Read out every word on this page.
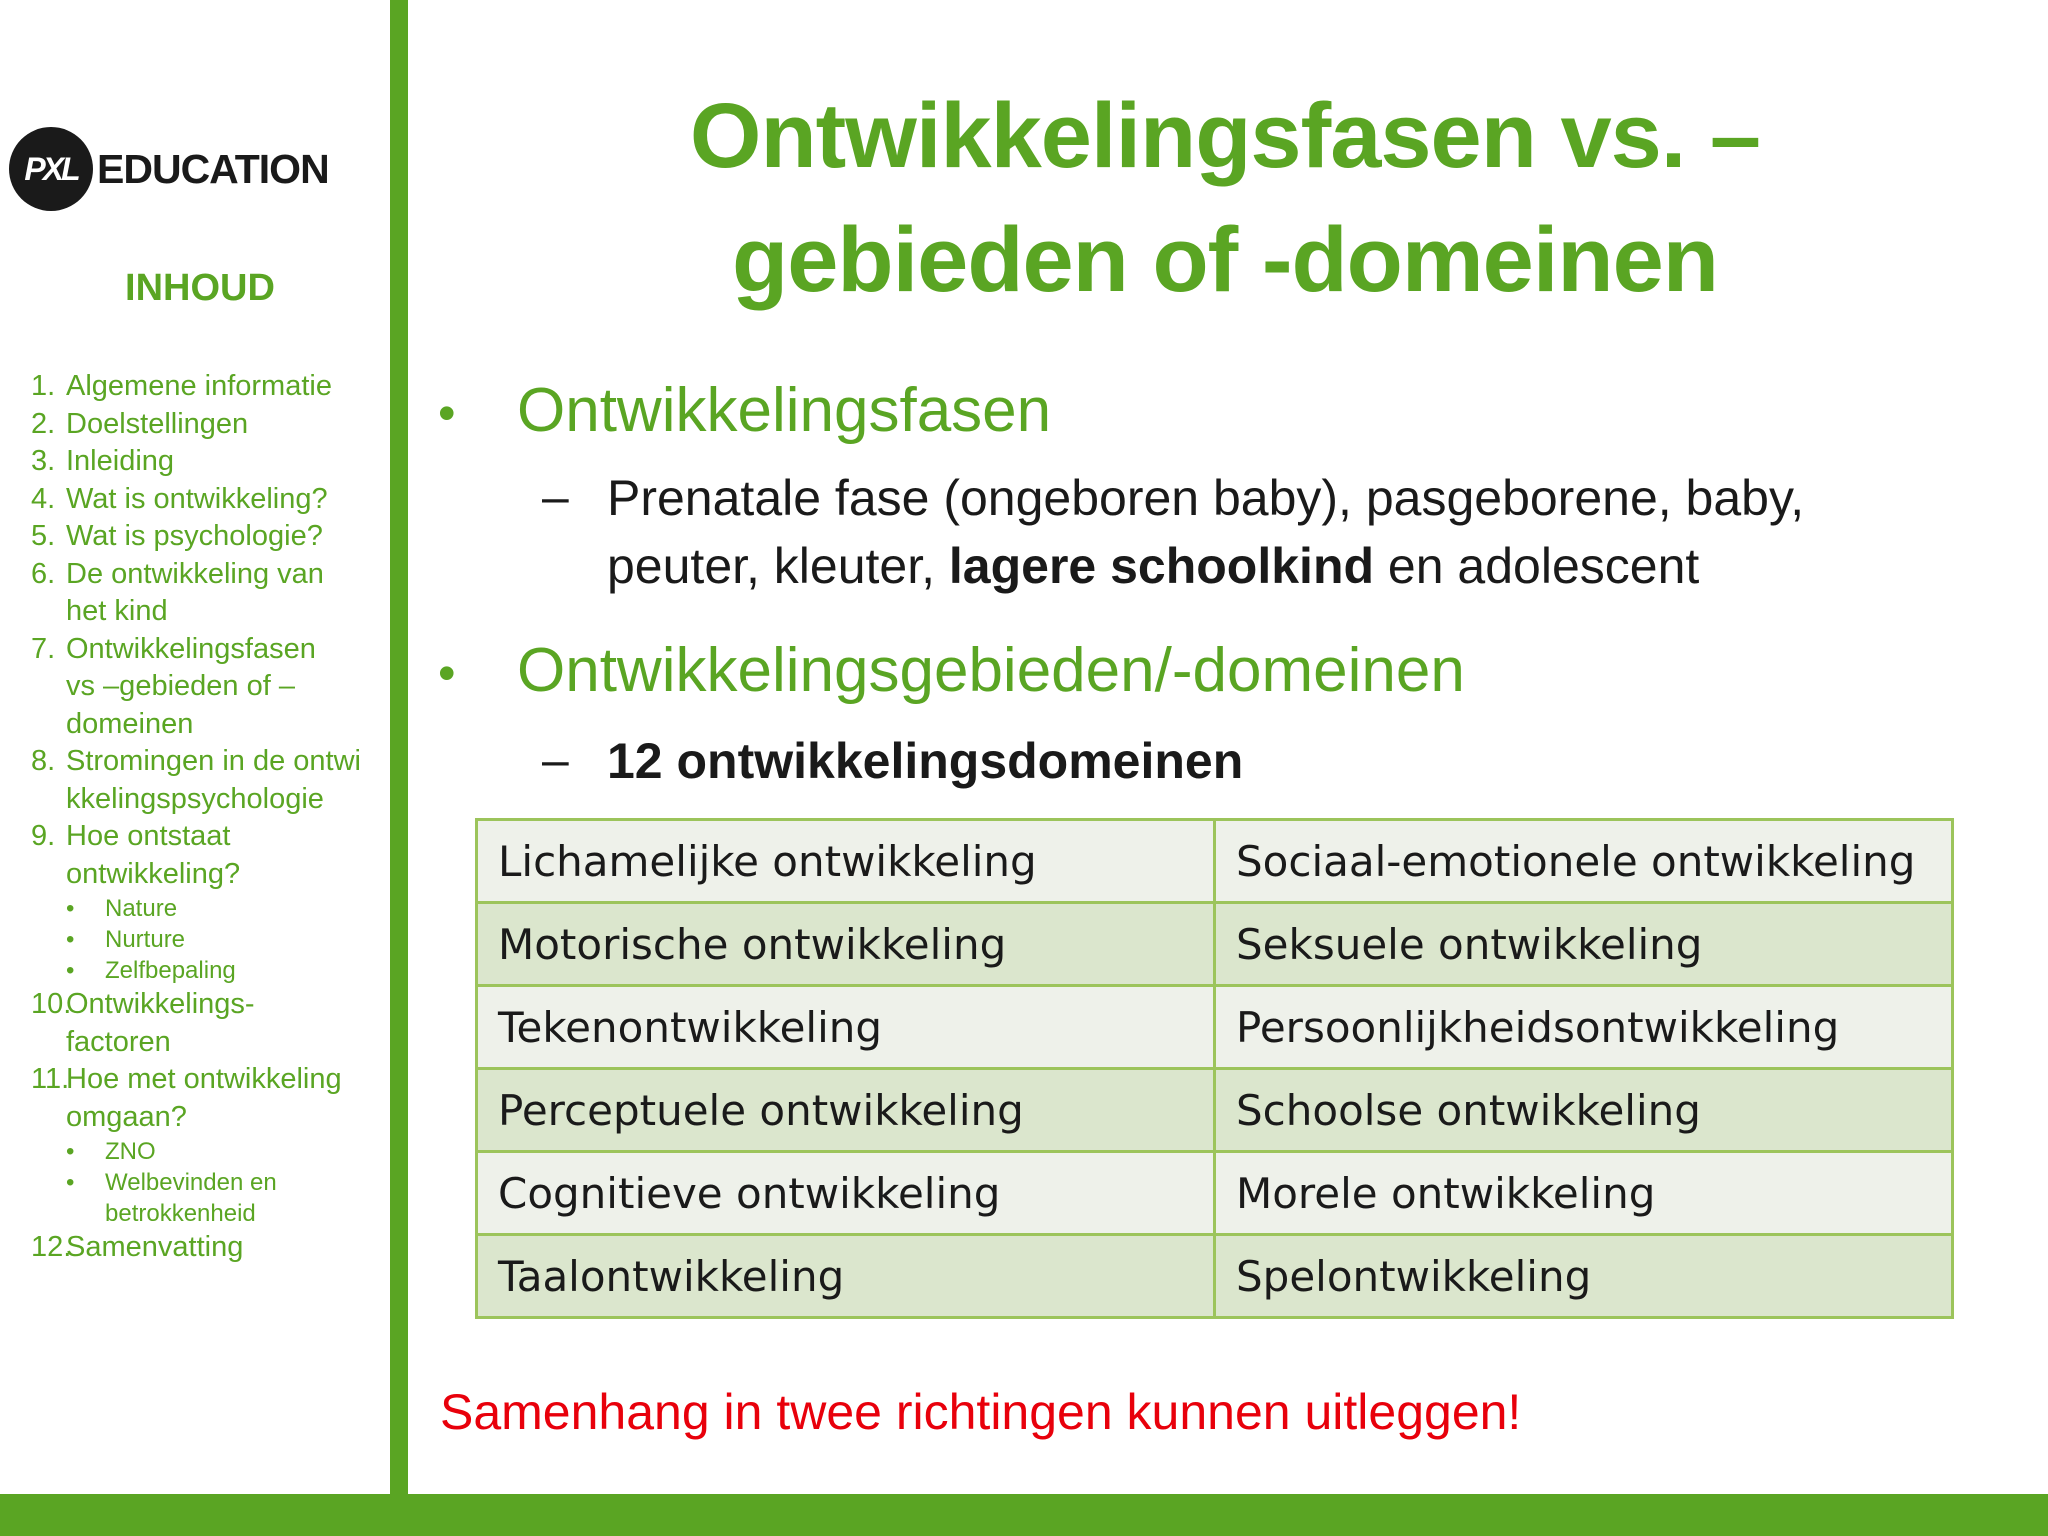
PXL EDUCATION
INHOUD
1. Algemene informatie
2. Doelstellingen
3. Inleiding
4. Wat is ontwikkeling?
5. Wat is psychologie?
6. De ontwikkeling van het kind
7. Ontwikkelingsfasen vs –gebieden of –domeinen
8. Stromingen in de ontwikkelingspsychologie
9. Hoe ontstaat ontwikkeling?
• Nature
• Nurture
• Zelfbepaling
10.
Ontwikkelings-factoren
11.
Hoe met ontwikkeling omgaan?
• ZNO
• Welbevinden en betrokkenheid
12.
Samenvatting
Ontwikkelingsfasen vs. –
gebieden of -domeinen
• Ontwikkelingsfasen
– Prenatale fase (ongeboren baby), pasgeborene, baby,
peuter, kleuter, lagere schoolkind en adolescent
• Ontwikkelingsgebieden/-domeinen
– 12 ontwikkelingsdomeinen
Lichamelijke ontwikkeling	Sociaal-emotionele ontwikkeling
Motorische ontwikkeling	Seksuele ontwikkeling
Tekenontwikkeling	Persoonlijkheidsontwikkeling
Perceptuele ontwikkeling	Schoolse ontwikkeling
Cognitieve ontwikkeling	Morele ontwikkeling
Taalontwikkeling	Spelontwikkeling
Samenhang in twee richtingen kunnen uitleggen!
